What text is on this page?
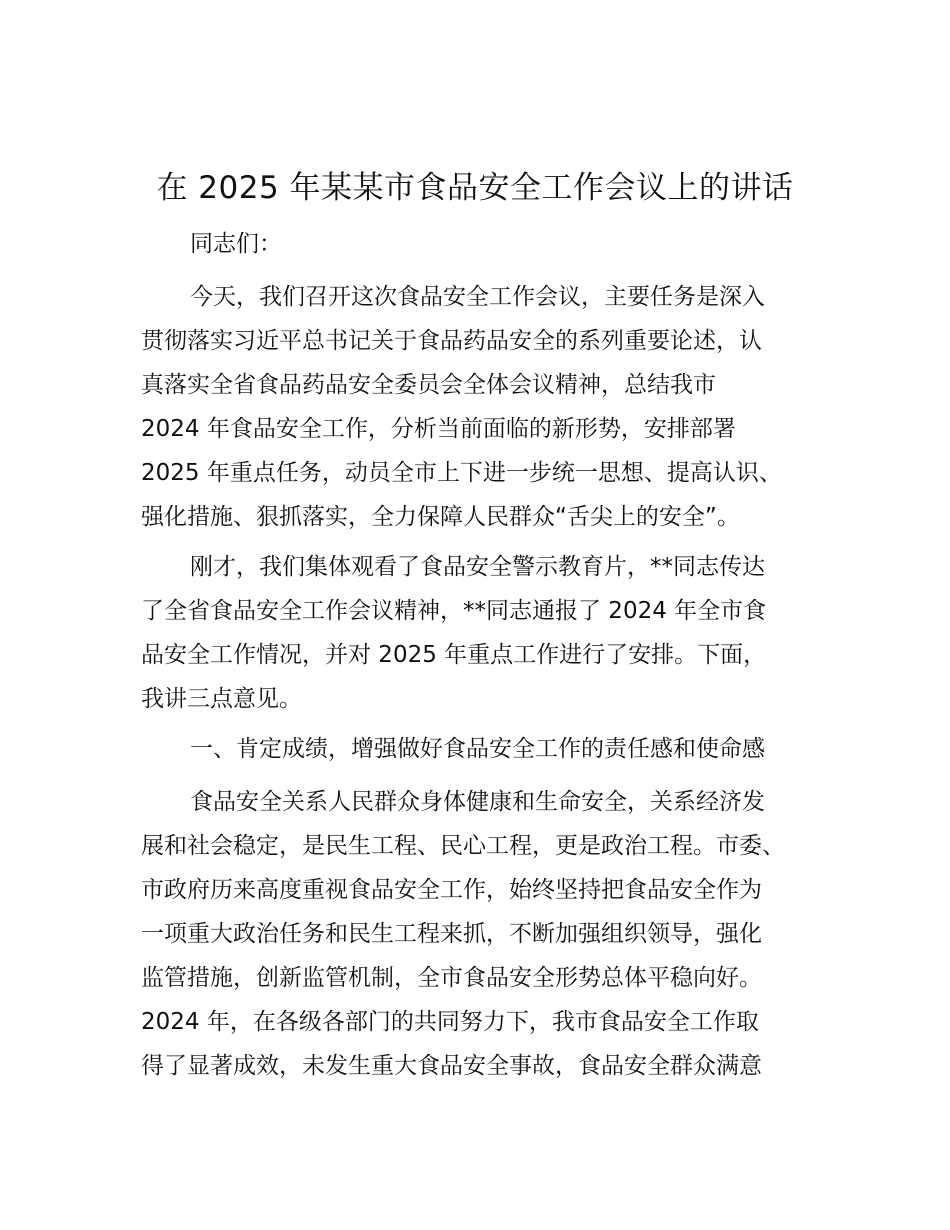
在 2025 年某某市食品安全工作会议上的讲话

同志们：

今天，我们召开这次食品安全工作会议，主要任务是深入
贯彻落实习近平总书记关于食品药品安全的系列重要论述，认
真落实全省食品药品安全委员会全体会议精神，总结我市
2024 年食品安全工作，分析当前面临的新形势，安排部署
2025 年重点任务，动员全市上下进一步统一思想、提高认识、
强化措施、狠抓落实，全力保障人民群众“舌尖上的安全”。

刚才，我们集体观看了食品安全警示教育片，**同志传达
了全省食品安全工作会议精神，**同志通报了 2024 年全市食
品安全工作情况，并对 2025 年重点工作进行了安排。下面，
我讲三点意见。

一、肯定成绩，增强做好食品安全工作的责任感和使命感

食品安全关系人民群众身体健康和生命安全，关系经济发
展和社会稳定，是民生工程、民心工程，更是政治工程。市委、
市政府历来高度重视食品安全工作，始终坚持把食品安全作为
一项重大政治任务和民生工程来抓，不断加强组织领导，强化
监管措施，创新监管机制，全市食品安全形势总体平稳向好。
2024 年，在各级各部门的共同努力下，我市食品安全工作取
得了显著成效，未发生重大食品安全事故，食品安全群众满意
